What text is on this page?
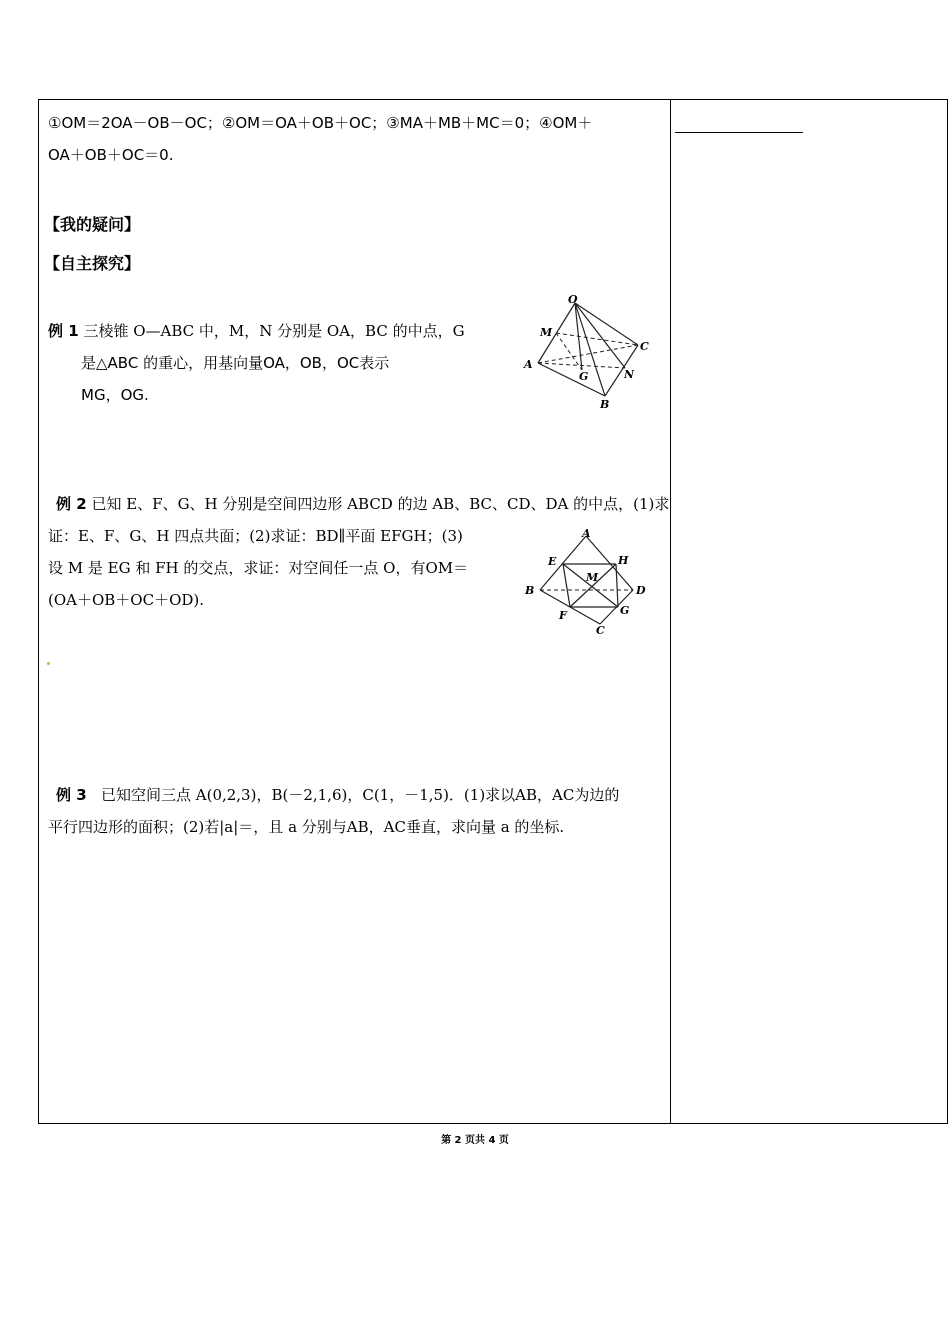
①OM＝2OA－OB－OC；②OM＝OA＋OB＋OC；③MA＋MB＋MC＝0；④OM＋
OA＋OB＋OC＝0.
【我的疑问】
【自主探究】
例 1 三棱锥 O—ABC 中，M，N 分别是 OA，BC 的中点，G
是△ABC 的重心，用基向量OA，OB，OC表示
MG，OG.
O
M
C
A
G	N
B
例 2 已知 E、F、G、H 分别是空间四边形 ABCD 的边 AB、BC、CD、DA 的中点，(1)求
证：E、F、G、H 四点共面；(2)求证：BD∥平面 EFGH；(3)
设 M 是 EG 和 FH 的交点，求证：对空间任一点 O，有OM＝
(OA＋OB＋OC＋OD).
A
E	H
M
B	D
F	G
C
例 3 已知空间三点 A(0,2,3)，B(－2,1,6)，C(1，－1,5)．(1)求以AB，AC为边的
平行四边形的面积；(2)若|a|＝，且 a 分别与AB，AC垂直，求向量 a 的坐标.
第 2 页共 4 页
